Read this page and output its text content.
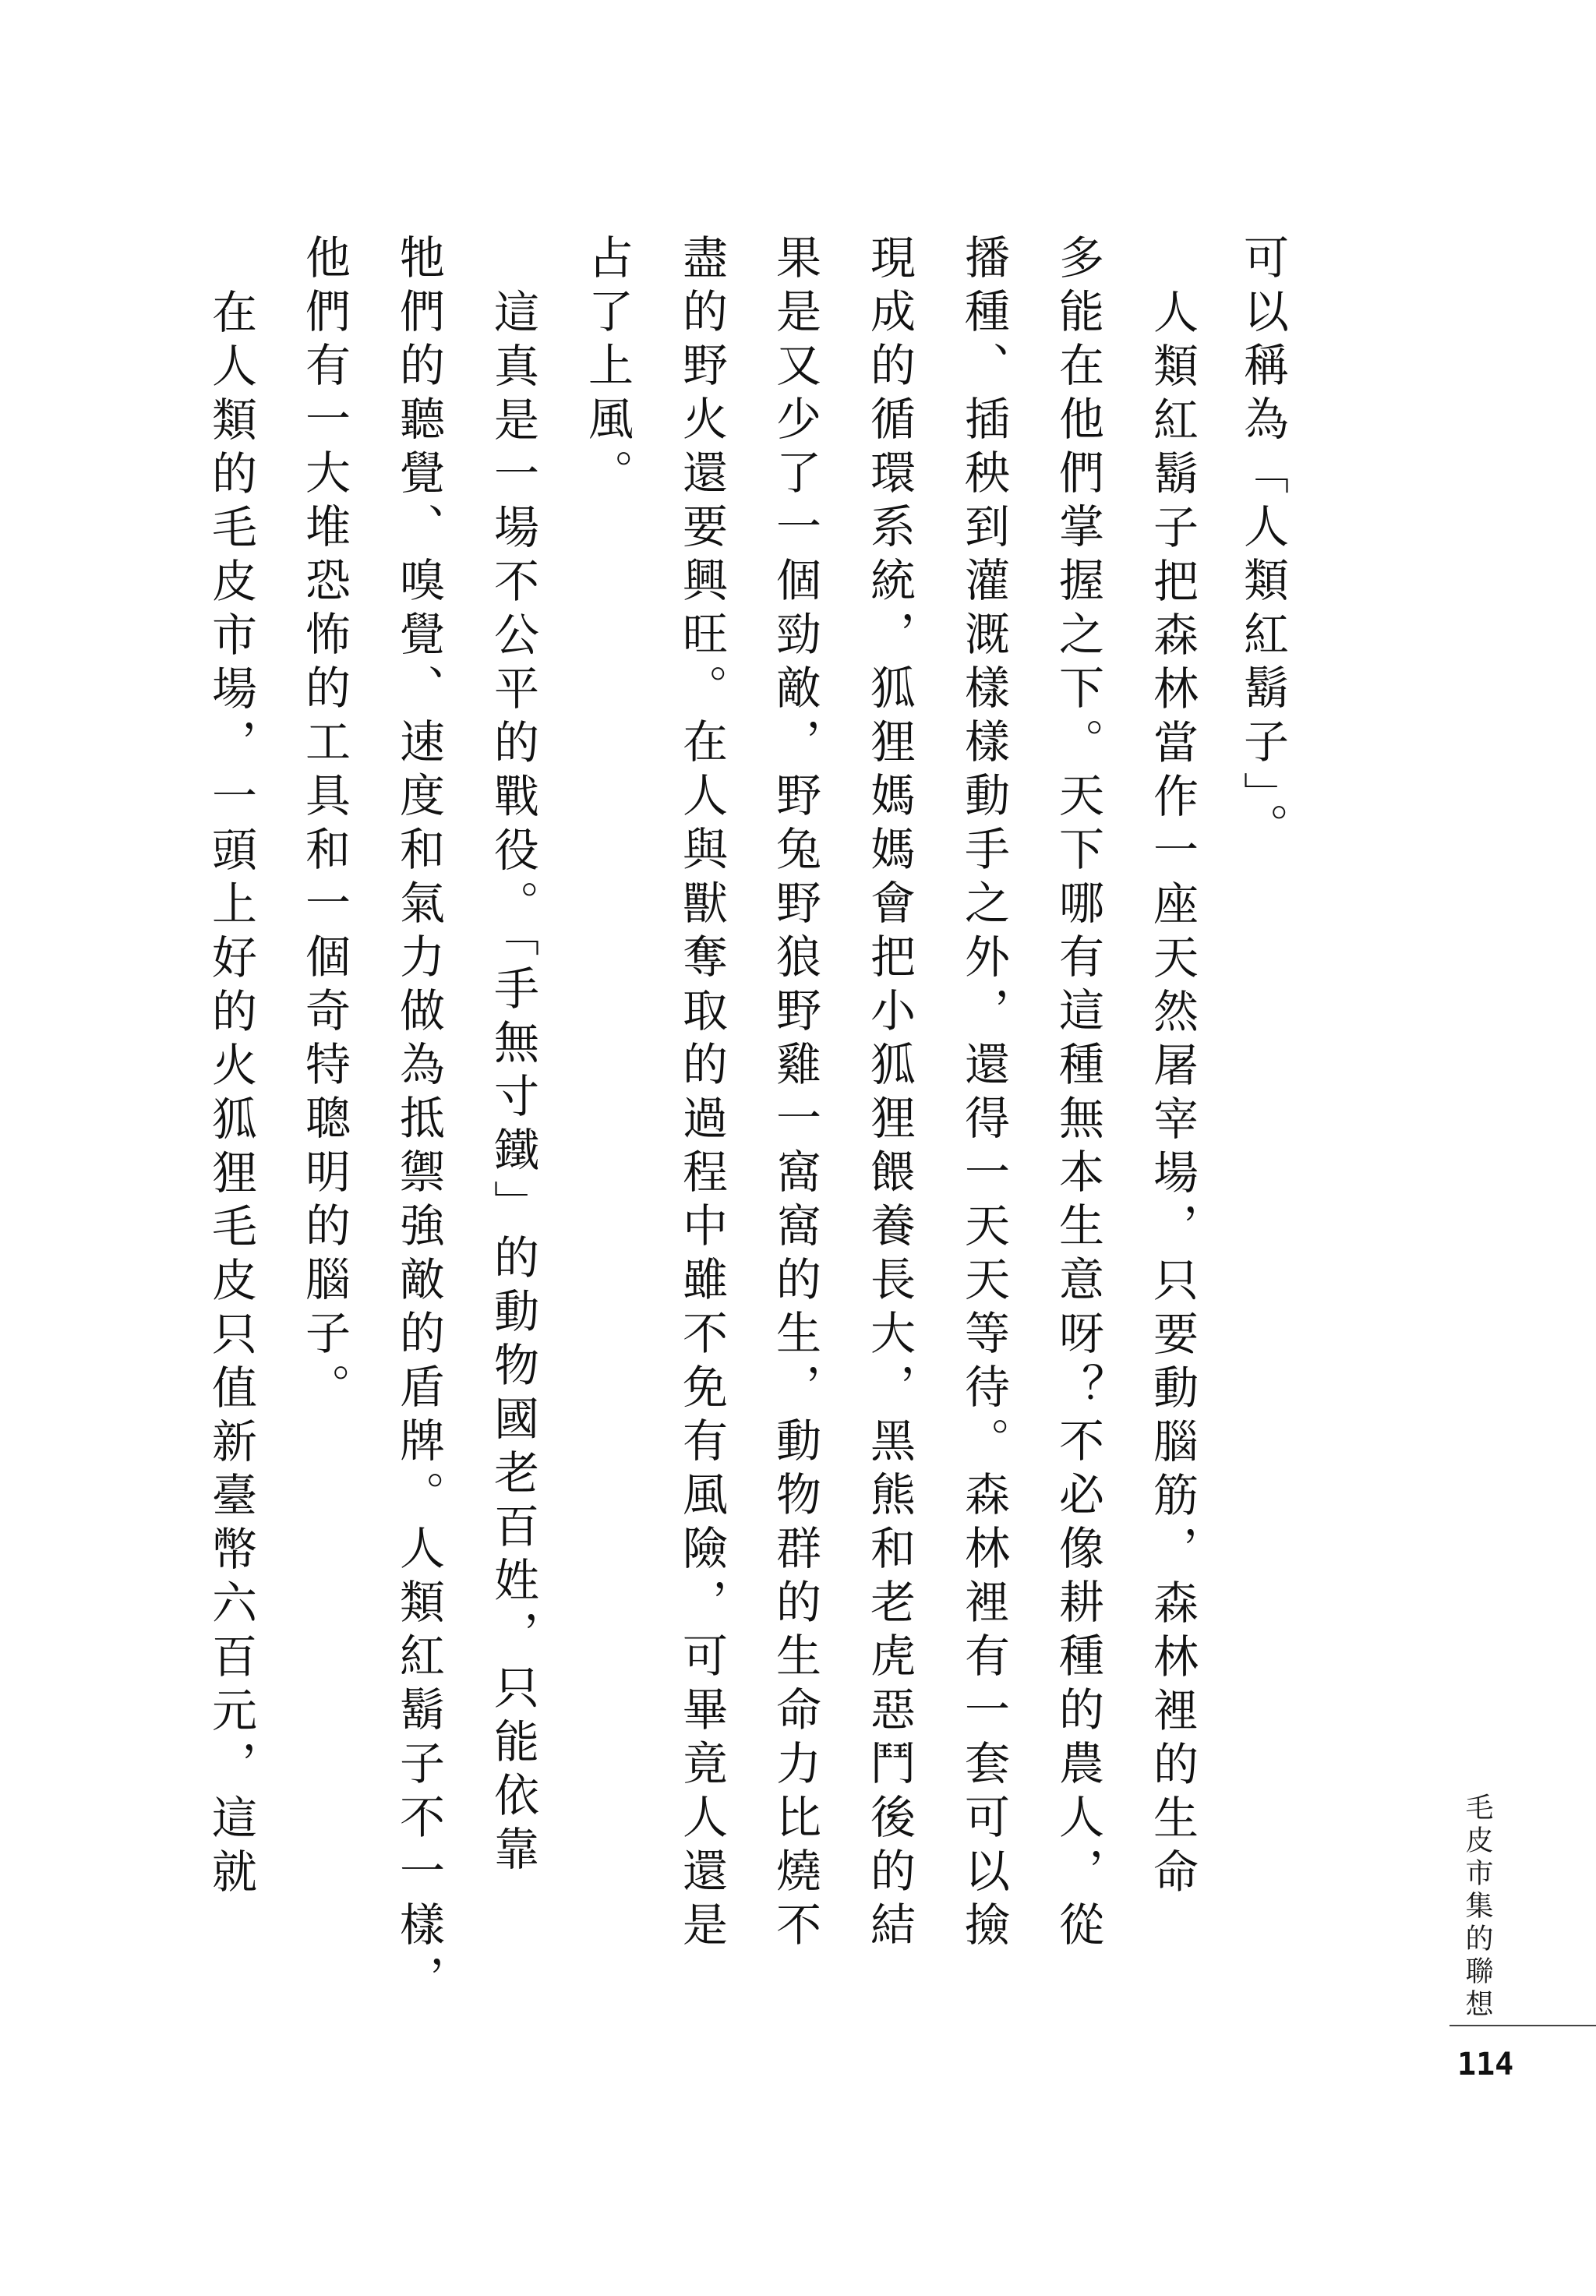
可以稱為「人類紅鬍子」。
人類紅鬍子把森林當作一座天然屠宰場，只要動腦筋，森林裡的生命
多能在他們掌握之下。天下哪有這種無本生意呀？不必像耕種的農人，從
播種、插秧到灌溉樣樣動手之外，還得一天天等待。森林裡有一套可以撿
現成的循環系統，狐狸媽媽會把小狐狸餵養長大，黑熊和老虎惡鬥後的結
果是又少了一個勁敵，野兔野狼野雞一窩窩的生，動物群的生命力比燒不
盡的野火還要興旺。在人與獸奪取的過程中雖不免有風險，可畢竟人還是
占了上風。
這真是一場不公平的戰役。「手無寸鐵」的動物國老百姓，只能依靠
牠們的聽覺、嗅覺、速度和氣力做為抵禦強敵的盾牌。人類紅鬍子不一樣，
他們有一大堆恐怖的工具和一個奇特聰明的腦子。
在人類的毛皮市場，一頭上好的火狐狸毛皮只值新臺幣六百元，這就
毛皮市集的聯想
114
